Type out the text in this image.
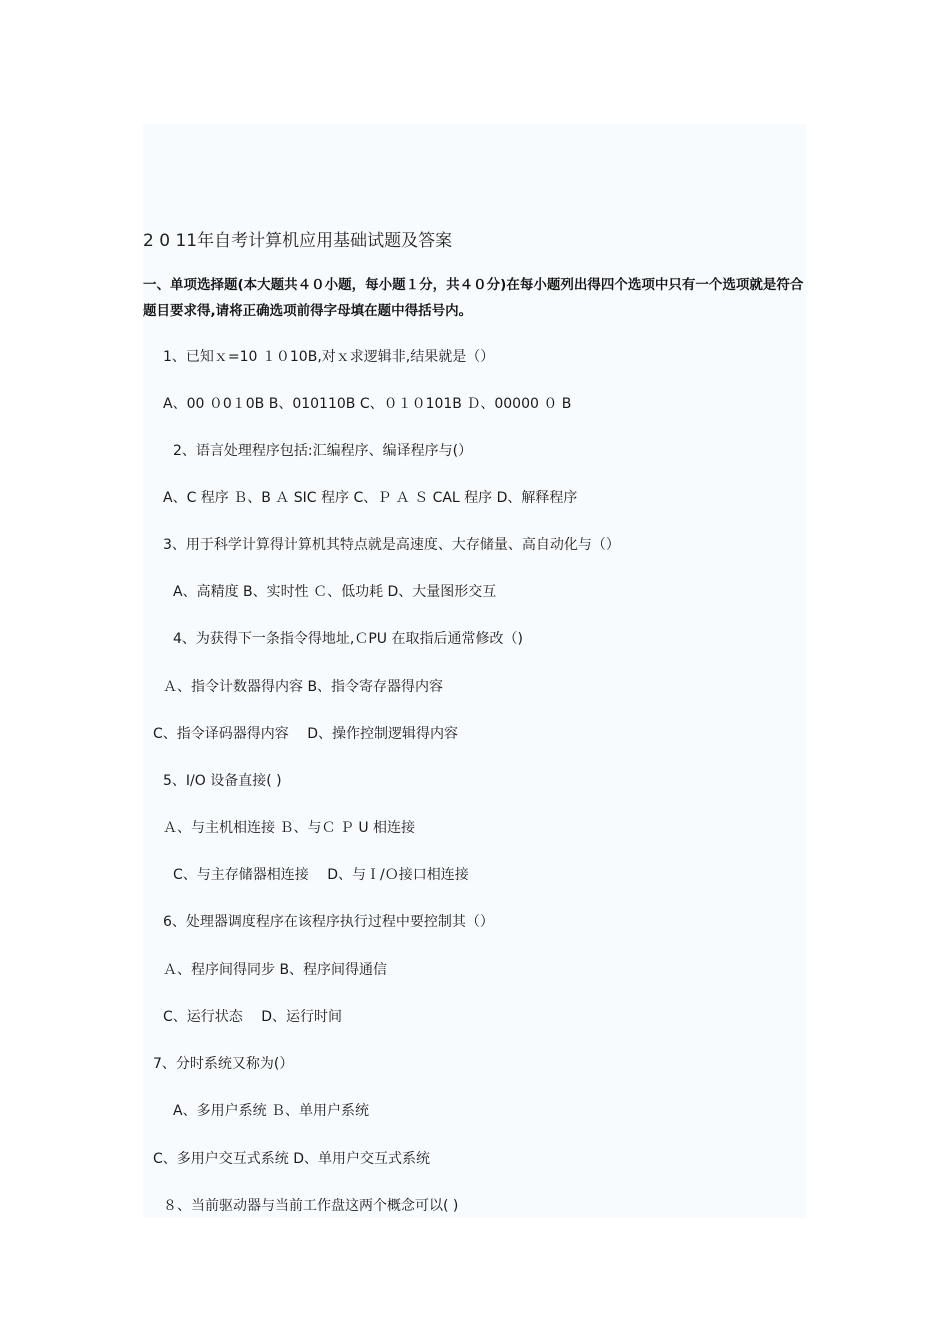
2 0 11年自考计算机应用基础试题及答案
一、单项选择题(本大题共４０小题，每小题１分，共４０分)在每小题列出得四个选项中只有一个选项就是符合题目要求得,请将正确选项前得字母填在题中得括号内。
1、已知ｘ=10 １０10B,对ｘ求逻辑非,结果就是（）
A、00 ０0１0B B、010110B C、０１０101B Ｄ、00000 ０ B
2、语言处理程序包括:汇编程序、编译程序与(）
A、C 程序 Ｂ、B Ａ SIC 程序 C、Ｐ Ａ Ｓ CAL 程序 D、解释程序
3、用于科学计算得计算机其特点就是高速度、大存储量、高自动化与（）
A、高精度 B、实时性 Ｃ、低功耗 D、大量图形交互
4、为获得下一条指令得地址,ＣPU 在取指后通常修改（)
Ａ、指令计数器得内容 B、指令寄存器得内容
C、指令译码器得内容　 D、操作控制逻辑得内容
5、I/O 设备直接( )
Ａ、与主机相连接 Ｂ、与Ｃ Ｐ U 相连接
C、与主存储器相连接　 D、与Ｉ/Ｏ接口相连接
6、处理器调度程序在该程序执行过程中要控制其（）
Ａ、程序间得同步 B、程序间得通信
C、运行状态　 D、运行时间
7、分时系统又称为(）
A、多用户系统 Ｂ、单用户系统
C、多用户交互式系统 D、单用户交互式系统
８、当前驱动器与当前工作盘这两个概念可以( )
